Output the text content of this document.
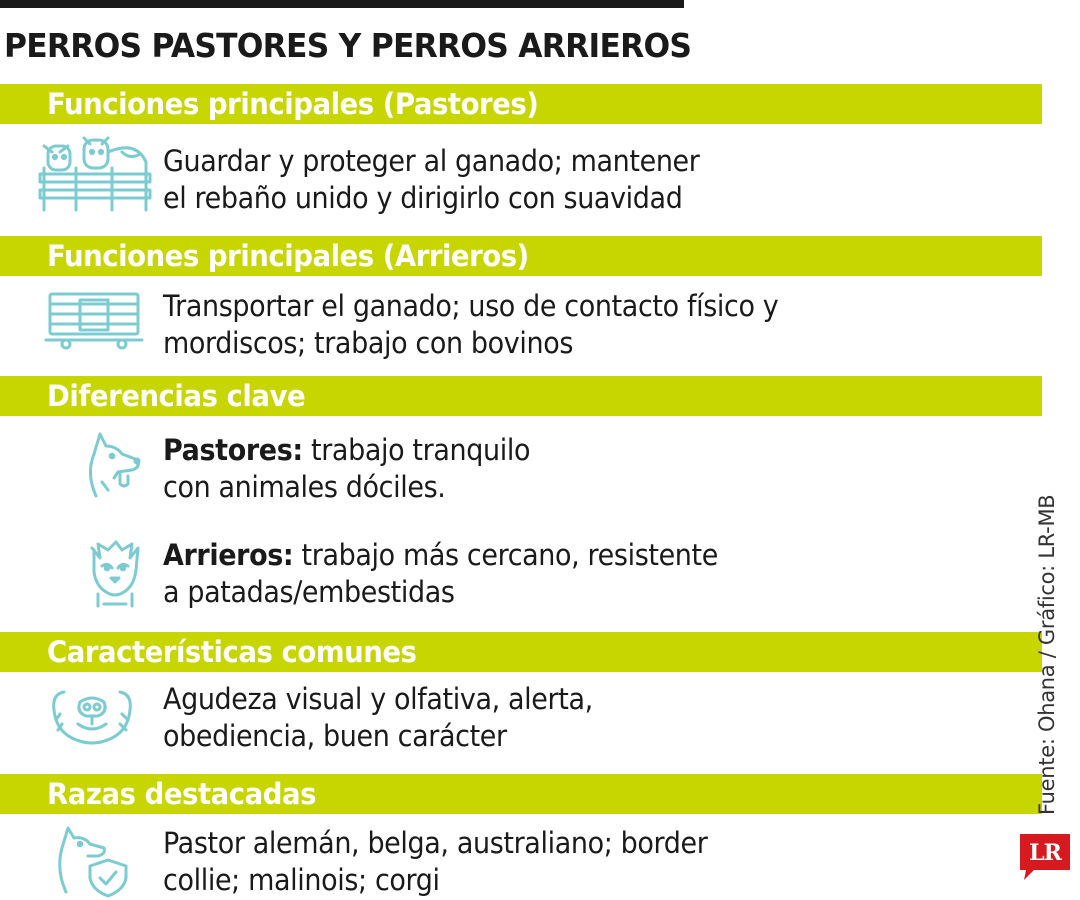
PERROS PASTORES Y PERROS ARRIEROS
Funciones principales (Pastores)
Guardar y proteger al ganado; mantener
el rebaño unido y dirigirlo con suavidad
Funciones principales (Arrieros)
Transportar el ganado; uso de contacto físico y
mordiscos; trabajo con bovinos
Diferencias clave
Pastores: trabajo tranquilo
con animales dóciles.
Arrieros: trabajo más cercano, resistente
a patadas/embestidas
Características comunes
Agudeza visual y olfativa, alerta,
obediencia, buen carácter
Razas destacadas
Pastor alemán, belga, australiano; border
collie; malinois; corgi
Fuente: Ohana / Gráfico: LR-MB
LR
